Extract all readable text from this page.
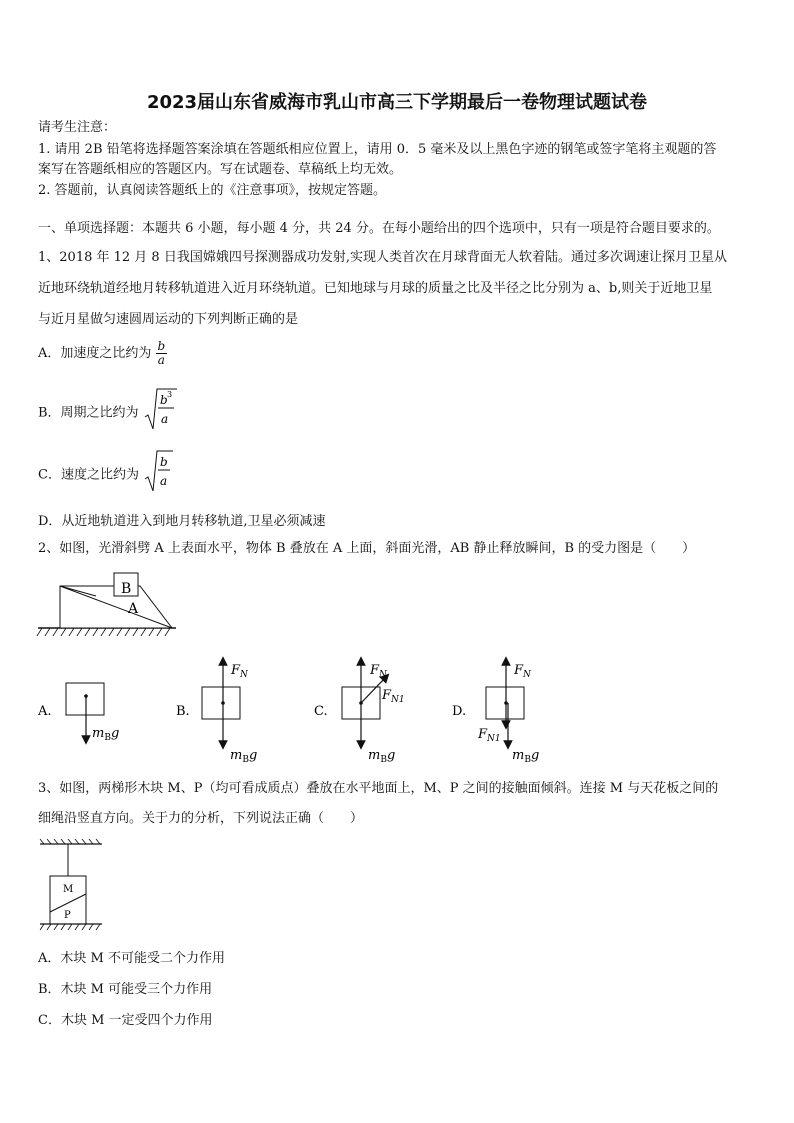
2023届山东省威海市乳山市高三下学期最后一卷物理试题试卷
请考生注意：
1. 请用 2B 铅笔将选择题答案涂填在答题纸相应位置上，请用 0．5 毫米及以上黑色字迹的钢笔或签字笔将主观题的答
案写在答题纸相应的答题区内。写在试题卷、草稿纸上均无效。
2. 答题前，认真阅读答题纸上的《注意事项》，按规定答题。
一、单项选择题：本题共 6 小题，每小题 4 分，共 24 分。在每小题给出的四个选项中，只有一项是符合题目要求的。
1、2018 年 12 月 8 日我国嫦娥四号探测器成功发射,实现人类首次在月球背面无人软着陆。通过多次调速让探月卫星从
近地环绕轨道经地月转移轨道进入近月环绕轨道。已知地球与月球的质量之比及半径之比分别为 a、b,则关于近地卫星
与近月星做匀速圆周运动的下列判断正确的是
A．加速度之比约为 $\frac{b}{a}$
B．周期之比约为
b 3
a
C．速度之比约为
b
a
D．从近地轨道进入到地月转移轨道,卫星必须减速
2、如图，光滑斜劈 A 上表面水平，物体 B 叠放在 A 上面，斜面光滑，AB 静止释放瞬间，B 的受力图是（　　）
B
A
A.
$m_Bg$
B.
$F_N$
$m_Bg$
C.
$F_N$
$F_{N1}$
$m_Bg$
D.
$F_N$
$F_{N1}$
$m_Bg$
3、如图，两梯形木块 M、P（均可看成质点）叠放在水平地面上，M、P 之间的接触面倾斜。连接 M 与天花板之间的
细绳沿竖直方向。关于力的分析，下列说法正确（　　）
M
P
A．木块 M 不可能受二个力作用
B．木块 M 可能受三个力作用
C．木块 M 一定受四个力作用
